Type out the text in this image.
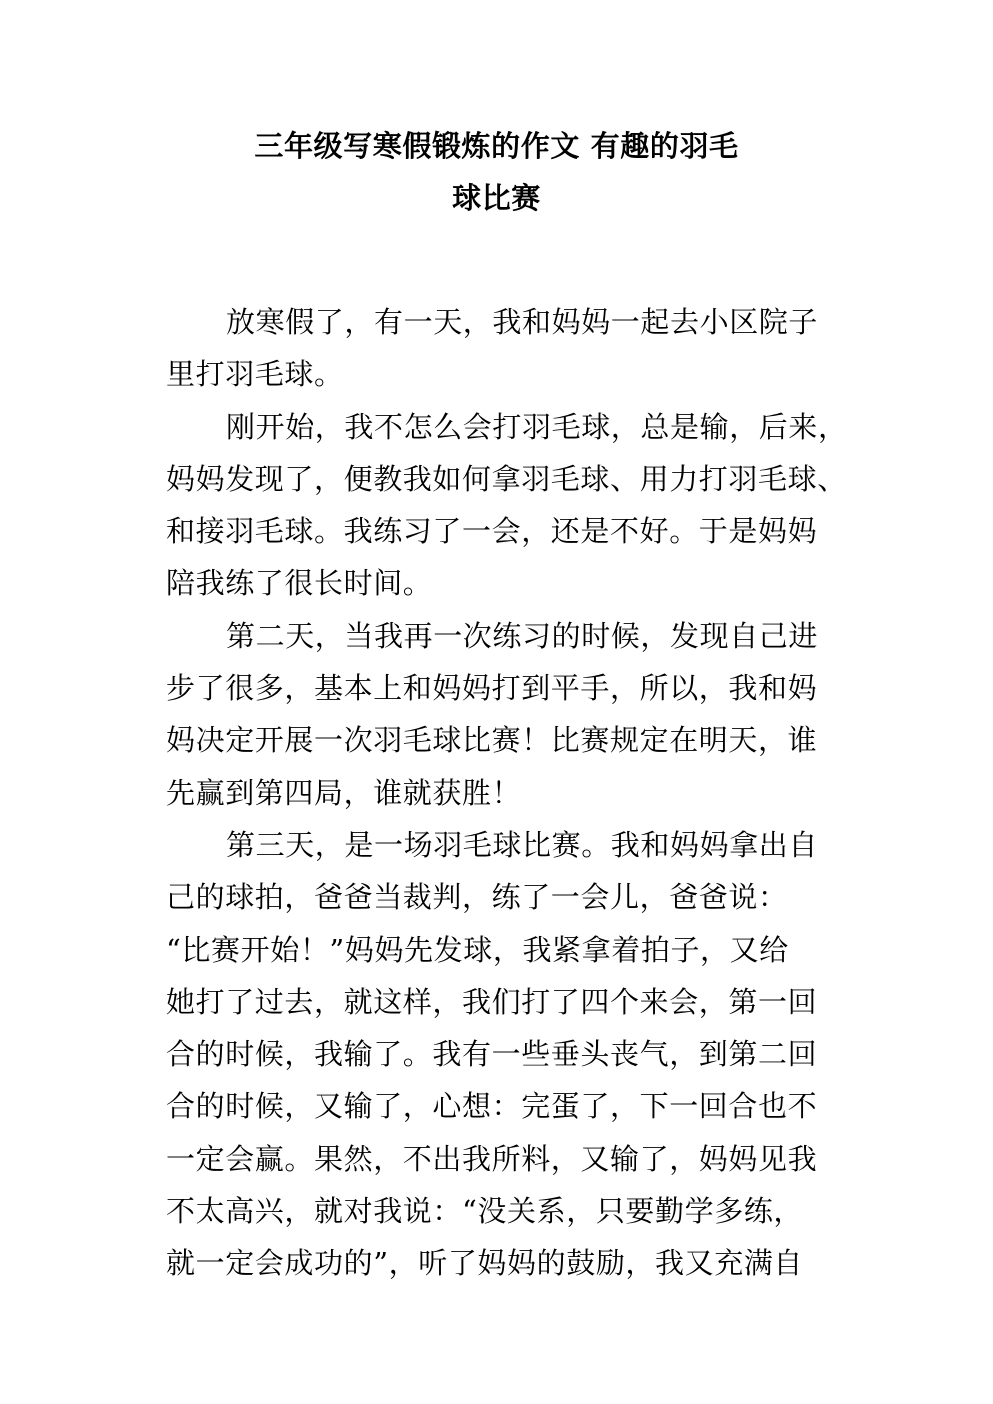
三年级写寒假锻炼的作文 有趣的羽毛
球比赛
放寒假了，有一天，我和妈妈一起去小区院子
里打羽毛球。
刚开始，我不怎么会打羽毛球，总是输，后来，
妈妈发现了，便教我如何拿羽毛球、用力打羽毛球、
和接羽毛球。我练习了一会，还是不好。于是妈妈
陪我练了很长时间。
第二天，当我再一次练习的时候，发现自己进
步了很多，基本上和妈妈打到平手，所以，我和妈
妈决定开展一次羽毛球比赛！比赛规定在明天，谁
先赢到第四局，谁就获胜！
第三天，是一场羽毛球比赛。我和妈妈拿出自
己的球拍，爸爸当裁判，练了一会儿，爸爸说：
“比赛开始！”妈妈先发球，我紧拿着拍子，又给
她打了过去，就这样，我们打了四个来会，第一回
合的时候，我输了。我有一些垂头丧气，到第二回
合的时候，又输了，心想：完蛋了，下一回合也不
一定会赢。果然，不出我所料，又输了，妈妈见我
不太高兴，就对我说：“没关系，只要勤学多练，
就一定会成功的”，听了妈妈的鼓励，我又充满自
